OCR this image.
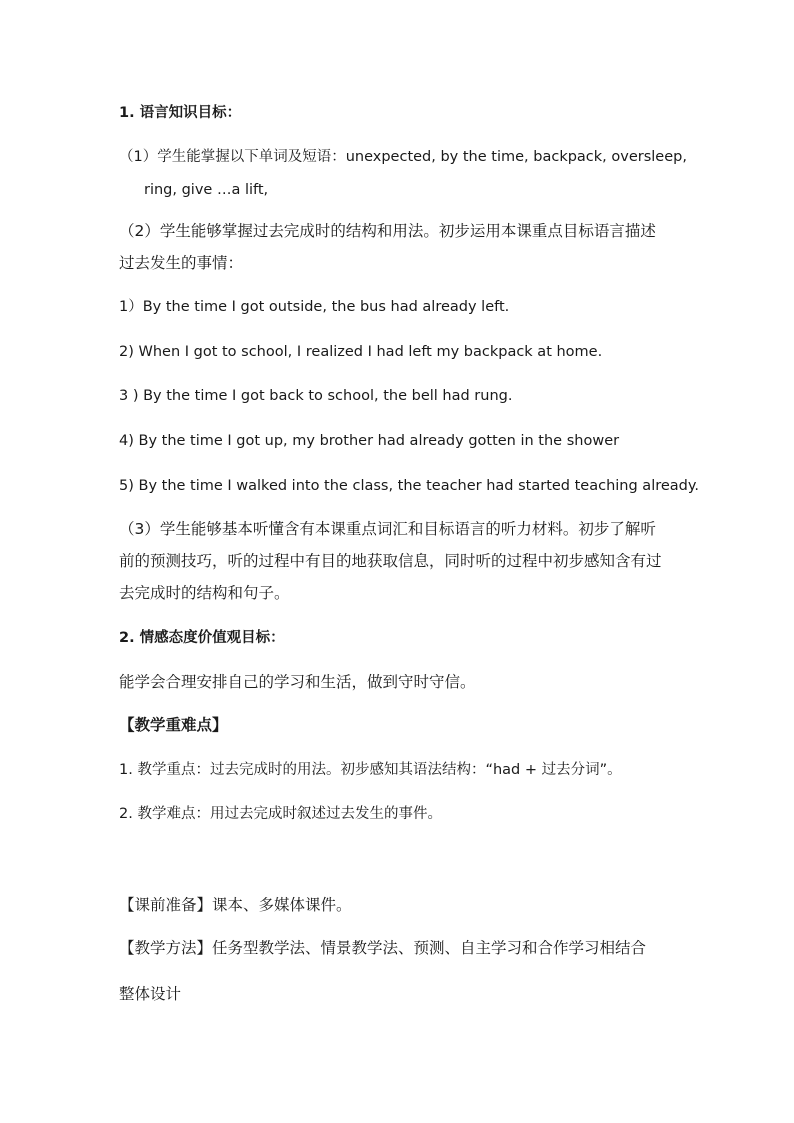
1. 语言知识目标：
（1）学生能掌握以下单词及短语：unexpected, by the time, backpack, oversleep,
ring, give …a lift,
（2）学生能够掌握过去完成时的结构和用法。初步运用本课重点目标语言描述
过去发生的事情：
1）By the time I got outside, the bus had already left.
2) When I got to school, I realized I had left my backpack at home.
3 ) By the time I got back to school, the bell had rung.
4) By the time I got up, my brother had already gotten in the shower
5) By the time I walked into the class, the teacher had started teaching already.
（3）学生能够基本听懂含有本课重点词汇和目标语言的听力材料。初步了解听
前的预测技巧，听的过程中有目的地获取信息，同时听的过程中初步感知含有过
去完成时的结构和句子。
2. 情感态度价值观目标：
能学会合理安排自己的学习和生活，做到守时守信。
【教学重难点】
1. 教学重点：过去完成时的用法。初步感知其语法结构：“had + 过去分词”。
2. 教学难点：用过去完成时叙述过去发生的事件。
【课前准备】课本、多媒体课件。
【教学方法】任务型教学法、情景教学法、预测、自主学习和合作学习相结合
整体设计
